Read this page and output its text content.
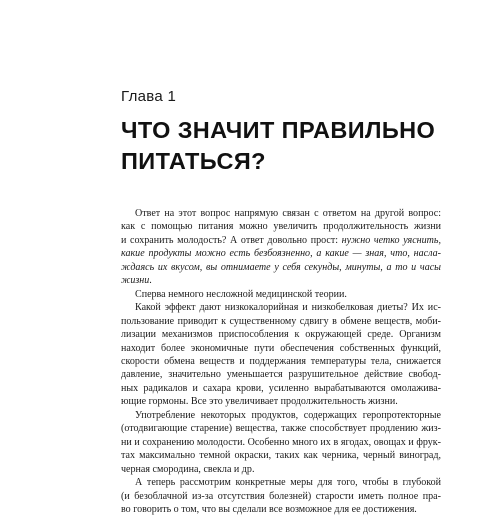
Глава 1
ЧТО ЗНАЧИТ ПРАВИЛЬНО
ПИТАТЬСЯ?
Ответ на этот вопрос напрямую связан с ответом на другой вопрос:
как с помощью питания можно увеличить продолжительность жизни
и сохранить молодость? А ответ довольно прост: нужно четко уяснить,
какие продукты можно есть безбоязненно, а какие — зная, что, насла-
ждаясь их вкусом, вы отнимаете у себя секунды, минуты, а то и часы
жизни.
Сперва немного несложной медицинской теории.
Какой эффект дают низкокалорийная и низкобелковая диеты? Их ис-
пользование приводит к существенному сдвигу в обмене веществ, моби-
лизации механизмов приспособления к окружающей среде. Организм
находит более экономичные пути обеспечения собственных функций,
скорости обмена веществ и поддержания температуры тела, снижается
давление, значительно уменьшается разрушительное действие свобод-
ных радикалов и сахара крови, усиленно вырабатываются омолажива-
ющие гормоны. Все это увеличивает продолжительность жизни.
Употребление некоторых продуктов, содержащих геропротекторные
(отодвигающие старение) вещества, также способствует продлению жиз-
ни и сохранению молодости. Особенно много их в ягодах, овощах и фрук-
тах максимально темной окраски, таких как черника, черный виноград,
черная смородина, свекла и др.
А теперь рассмотрим конкретные меры для того, чтобы в глубокой
(и безоблачной из-за отсутствия болезней) старости иметь полное пра-
во говорить о том, что вы сделали все возможное для ее достижения.
